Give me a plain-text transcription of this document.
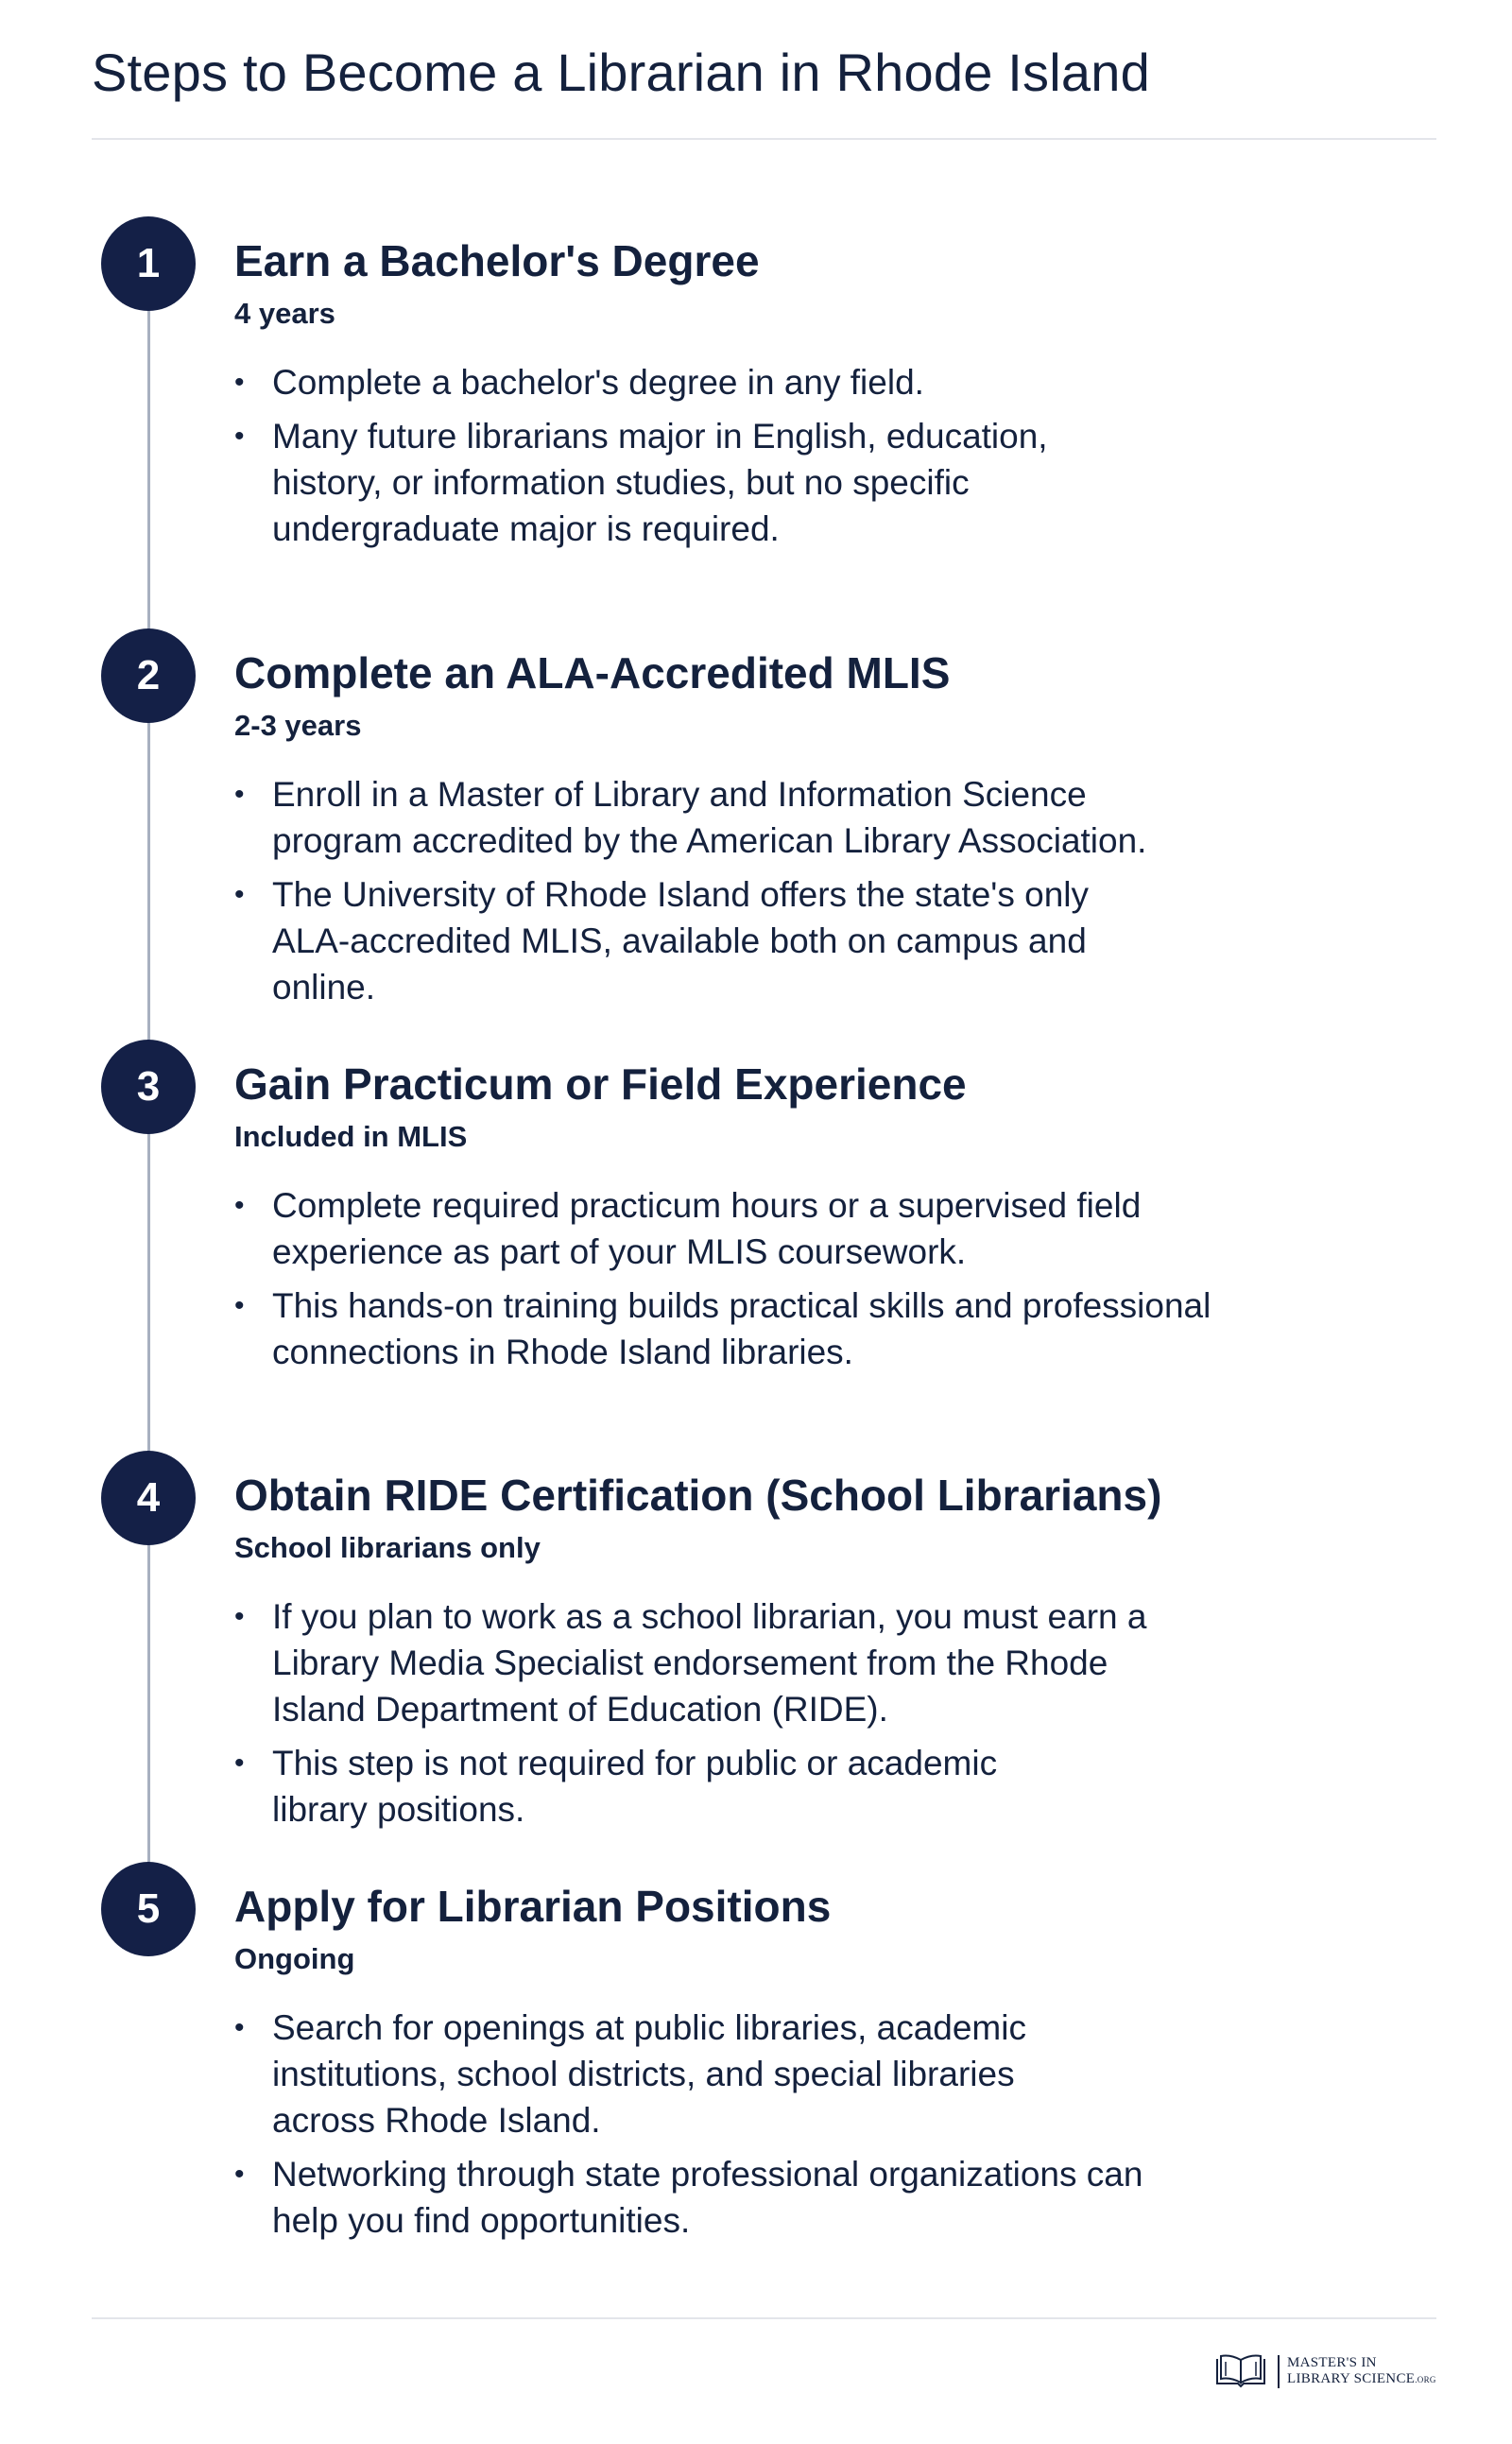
Steps to Become a Librarian in Rhode Island
1	Earn a Bachelor's Degree
4 years
• Complete a bachelor's degree in any field.
• Many future librarians major in English, education, history, or information studies, but no specific undergraduate major is required.
2	Complete an ALA-Accredited MLIS
2-3 years
• Enroll in a Master of Library and Information Science program accredited by the American Library Association.
• The University of Rhode Island offers the state's only ALA-accredited MLIS, available both on campus and online.
3	Gain Practicum or Field Experience
Included in MLIS
• Complete required practicum hours or a supervised field experience as part of your MLIS coursework.
• This hands-on training builds practical skills and professional connections in Rhode Island libraries.
4	Obtain RIDE Certification (School Librarians)
School librarians only
• If you plan to work as a school librarian, you must earn a Library Media Specialist endorsement from the Rhode Island Department of Education (RIDE).
• This step is not required for public or academic library positions.
5	Apply for Librarian Positions
Ongoing
• Search for openings at public libraries, academic institutions, school districts, and special libraries across Rhode Island.
• Networking through state professional organizations can help you find opportunities.
MASTER'S IN
LIBRARY SCIENCE.ORG
